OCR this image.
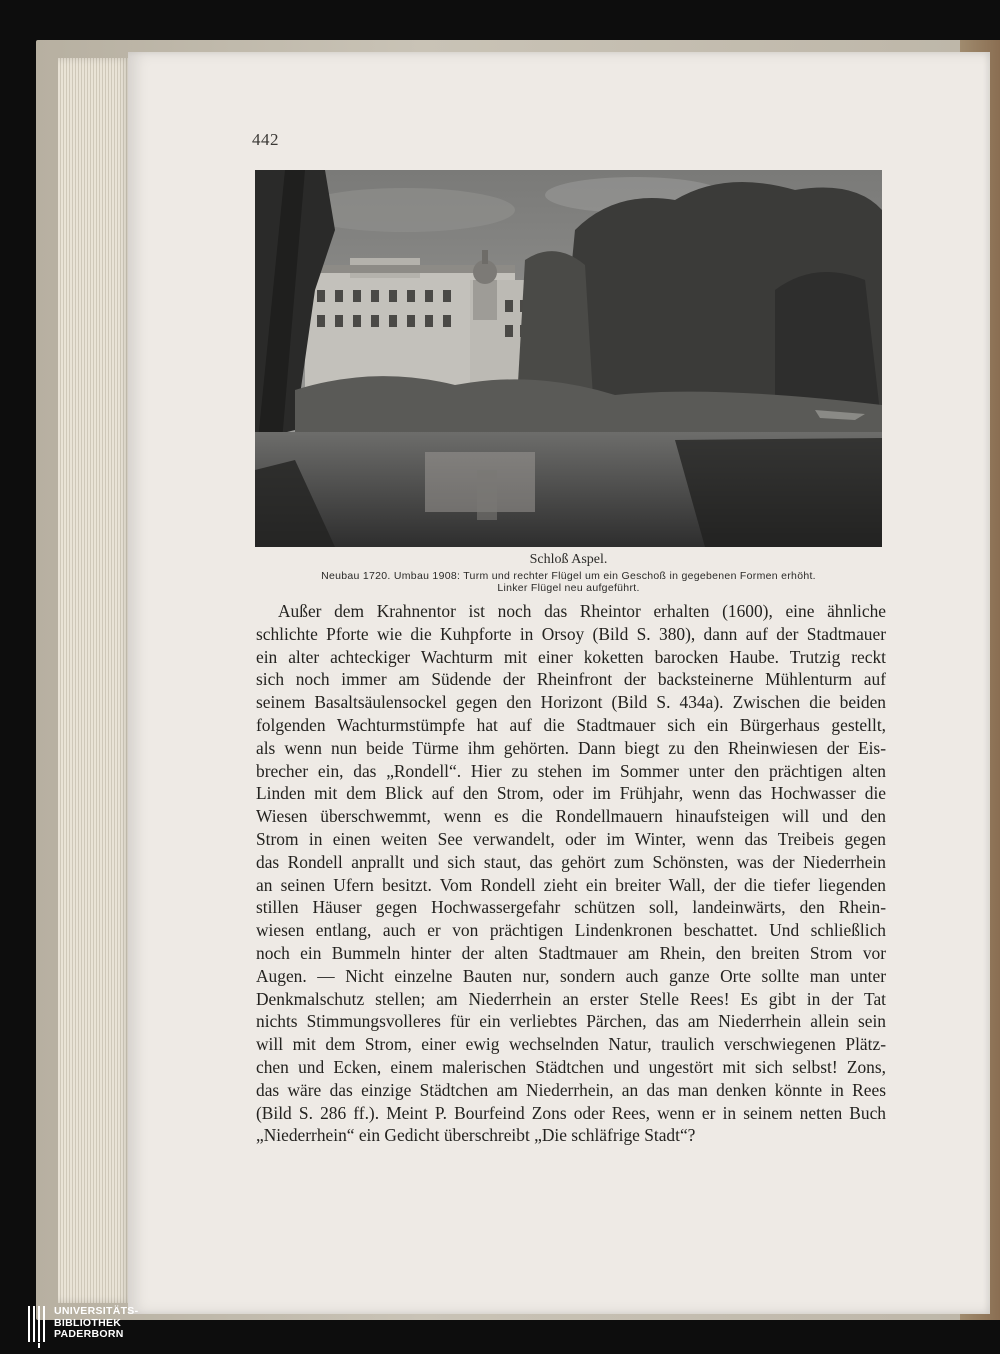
442
Schloß Aspel.
Neubau 1720. Umbau 1908: Turm und rechter Flügel um ein Geschoß in gegebenen Formen erhöht.
Linker Flügel neu aufgeführt.
Außer dem Krahnentor ist noch das Rheintor erhalten (1600), eine ähnliche
schlichte Pforte wie die Kuhpforte in Orsoy (Bild S. 380), dann auf der Stadtmauer
ein alter achteckiger Wachturm mit einer koketten barocken Haube. Trutzig reckt
sich noch immer am Südende der Rheinfront der backsteinerne Mühlenturm auf
seinem Basaltsäulensockel gegen den Horizont (Bild S. 434a). Zwischen die beiden
folgenden Wachturmstümpfe hat auf die Stadtmauer sich ein Bürgerhaus gestellt,
als wenn nun beide Türme ihm gehörten. Dann biegt zu den Rheinwiesen der Eis-
brecher ein, das „Rondell“. Hier zu stehen im Sommer unter den prächtigen alten
Linden mit dem Blick auf den Strom, oder im Frühjahr, wenn das Hochwasser die
Wiesen überschwemmt, wenn es die Rondellmauern hinaufsteigen will und den
Strom in einen weiten See verwandelt, oder im Winter, wenn das Treibeis gegen
das Rondell anprallt und sich staut, das gehört zum Schönsten, was der Niederrhein
an seinen Ufern besitzt. Vom Rondell zieht ein breiter Wall, der die tiefer liegenden
stillen Häuser gegen Hochwassergefahr schützen soll, landeinwärts, den Rhein-
wiesen entlang, auch er von prächtigen Lindenkronen beschattet. Und schließlich
noch ein Bummeln hinter der alten Stadtmauer am Rhein, den breiten Strom vor
Augen. — Nicht einzelne Bauten nur, sondern auch ganze Orte sollte man unter
Denkmalschutz stellen; am Niederrhein an erster Stelle Rees! Es gibt in der Tat
nichts Stimmungsvolleres für ein verliebtes Pärchen, das am Niederrhein allein sein
will mit dem Strom, einer ewig wechselnden Natur, traulich verschwiegenen Plätz-
chen und Ecken, einem malerischen Städtchen und ungestört mit sich selbst! Zons,
das wäre das einzige Städtchen am Niederrhein, an das man denken könnte in Rees
(Bild S. 286 ff.). Meint P. Bourfeind Zons oder Rees, wenn er in seinem netten Buch
„Niederrhein“ ein Gedicht überschreibt „Die schläfrige Stadt“?
UNIVERSITÄTS-
BIBLIOTHEK
PADERBORN
